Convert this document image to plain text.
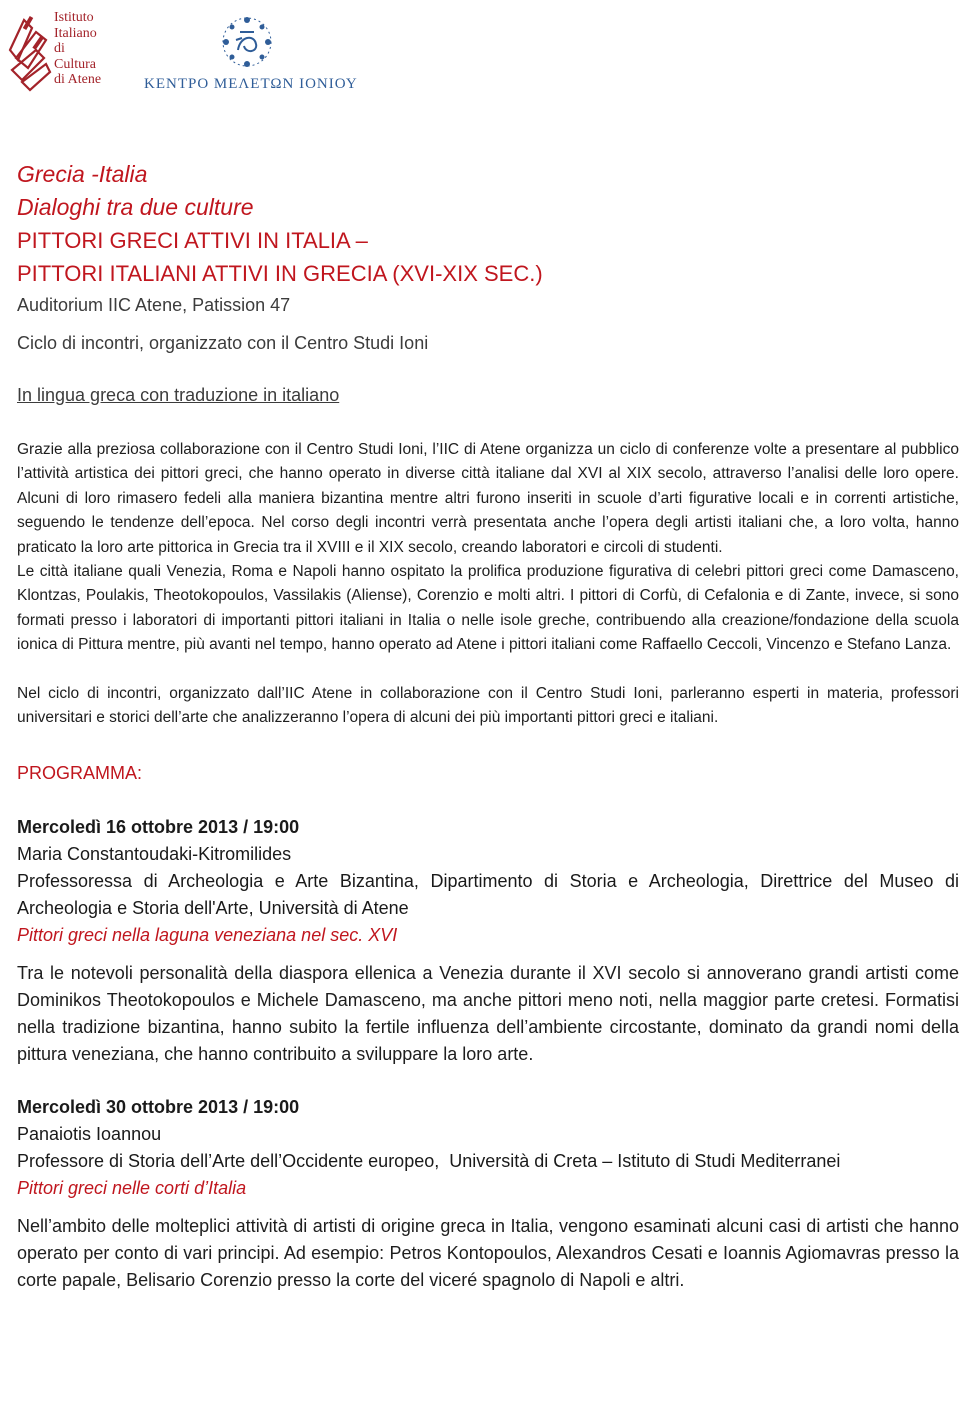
Istituto
Italiano
di
Cultura
di Atene	ΚΕΝΤΡΟ ΜΕΛΕΤΩΝ ΙΟΝΙΟΥ

Grecia -Italia

Dialoghi tra due culture

PITTORI GRECI ATTIVI IN ITALIA –

PITTORI ITALIANI ATTIVI IN GRECIA (XVI-XIX SEC.)

Auditorium IIC Atene, Patission 47

Ciclo di incontri, organizzato con il Centro Studi Ioni

In lingua greca con traduzione in italiano

Grazie alla preziosa collaborazione con il Centro Studi Ioni, l’IIC di Atene organizza un ciclo di conferenze volte a presentare al pubblico l’attività artistica dei pittori greci, che hanno operato in diverse città italiane dal XVI al XIX secolo, attraverso l’analisi delle loro opere. Alcuni di loro rimasero fedeli alla maniera bizantina mentre altri furono inseriti in scuole d’arti figurative locali e in correnti artistiche, seguendo le tendenze dell’epoca. Nel corso degli incontri verrà presentata anche l’opera degli artisti italiani che, a loro volta, hanno praticato la loro arte pittorica in Grecia tra il XVIII e il XIX secolo, creando laboratori e circoli di studenti.

Le città italiane quali Venezia, Roma e Napoli hanno ospitato la prolifica produzione figurativa di celebri pittori greci come Damasceno, Klontzas, Poulakis, Theotokopoulos, Vassilakis (Aliense), Corenzio e molti altri. I pittori di Corfù, di Cefalonia e di Zante, invece, si sono formati presso i laboratori di importanti pittori italiani in Italia o nelle isole greche, contribuendo alla creazione/fondazione della scuola ionica di Pittura mentre, più avanti nel tempo, hanno operato ad Atene i pittori italiani come Raffaello Ceccoli, Vincenzo e Stefano Lanza.

Nel ciclo di incontri, organizzato dall’IIC Atene in collaborazione con il Centro Studi Ioni, parleranno esperti in materia, professori universitari e storici dell’arte che analizzeranno l’opera di alcuni dei più importanti pittori greci e italiani.

PROGRAMMA:

Mercoledì 16 ottobre 2013 / 19:00

Maria Constantoudaki-Kitromilides

Professoressa di Archeologia e Arte Bizantina, Dipartimento di Storia e Archeologia, Direttrice del Museo di Archeologia e Storia dell'Arte, Università di Atene

Pittori greci nella laguna veneziana nel sec. XVI

Tra le notevoli personalità della diaspora ellenica a Venezia durante il XVI secolo si annoverano grandi artisti come Dominikos Theotokopoulos e Michele Damasceno, ma anche pittori meno noti, nella maggior parte cretesi. Formatisi nella tradizione bizantina, hanno subito la fertile influenza dell’ambiente circostante, dominato da grandi nomi della pittura veneziana, che hanno contribuito a sviluppare la loro arte.

Mercoledì 30 ottobre 2013 / 19:00

Panaiotis Ioannou

Professore di Storia dell’Arte dell’Occidente europeo,  Università di Creta – Istituto di Studi Mediterranei

Pittori greci nelle corti d’Italia

Nell’ambito delle molteplici attività di artisti di origine greca in Italia, vengono esaminati alcuni casi di artisti che hanno operato per conto di vari principi. Ad esempio: Petros Kontopoulos, Alexandros Cesati e Ioannis Agiomavras presso la corte papale, Belisario Corenzio presso la corte del viceré spagnolo di Napoli e altri.
